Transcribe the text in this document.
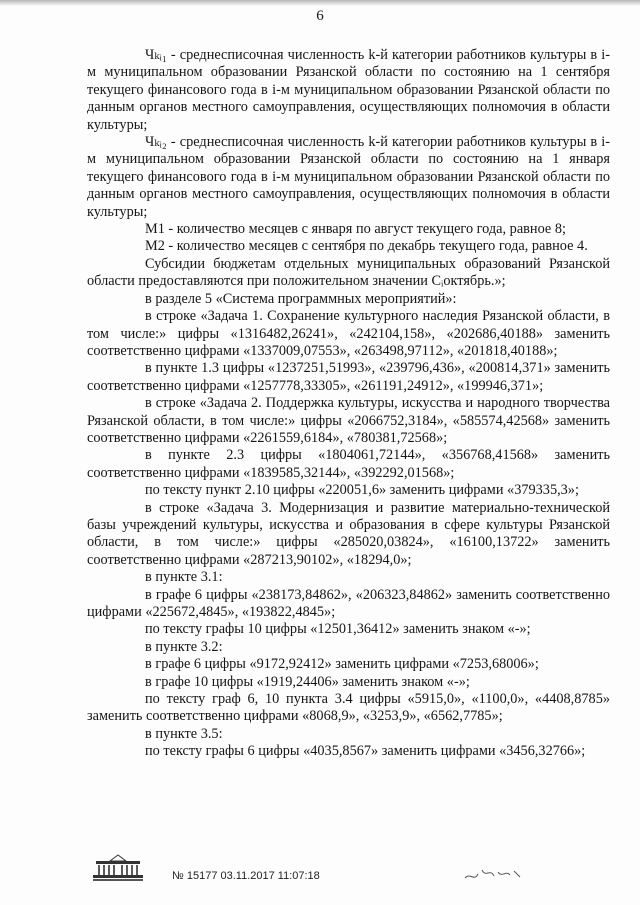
6

Чₖᵢ₁ - среднесписочная численность k-й категории работников культуры в i-м муниципальном образовании Рязанской области по состоянию на 1 сентября текущего финансового года в i-м муниципальном образовании Рязанской области по данным органов местного самоуправления, осуществляющих полномочия в области культуры;

Чₖᵢ₂ - среднесписочная численность k-й категории работников культуры в i-м муниципальном образовании Рязанской области по состоянию на 1 января текущего финансового года в i-м муниципальном образовании Рязанской области по данным органов местного самоуправления, осуществляющих полномочия в области культуры;

М1 - количество месяцев с января по август текущего года, равное 8;

М2 - количество месяцев с сентября по декабрь текущего года, равное 4.

Субсидии бюджетам отдельных муниципальных образований Рязанской области предоставляются при положительном значении Cᵢоктябрь.»;

в разделе 5 «Система программных мероприятий»:

в строке «Задача 1. Сохранение культурного наследия Рязанской области, в том числе:» цифры «1316482,26241», «242104,158», «202686,40188» заменить соответственно цифрами «1337009,07553», «263498,97112», «201818,40188»;

в пункте 1.3 цифры «1237251,51993», «239796,436», «200814,371» заменить соответственно цифрами «1257778,33305», «261191,24912», «199946,371»;

в строке «Задача 2. Поддержка культуры, искусства и народного творчества Рязанской области, в том числе:» цифры «2066752,3184», «585574,42568» заменить соответственно цифрами «2261559,6184», «780381,72568»;

в пункте 2.3 цифры «1804061,72144», «356768,41568» заменить соответственно цифрами «1839585,32144», «392292,01568»;

по тексту пункт 2.10 цифры «220051,6» заменить цифрами «379335,3»;

в строке «Задача 3. Модернизация и развитие материально-технической базы учреждений культуры, искусства и образования в сфере культуры Рязанской области, в том числе:» цифры «285020,03824», «16100,13722» заменить соответственно цифрами «287213,90102», «18294,0»;

в пункте 3.1:

в графе 6 цифры «238173,84862», «206323,84862» заменить соответственно цифрами «225672,4845», «193822,4845»;

по тексту графы 10 цифры «12501,36412» заменить знаком «-»;

в пункте 3.2:

в графе 6 цифры «9172,92412» заменить цифрами «7253,68006»;

в графе 10 цифры «1919,24406» заменить знаком «-»;

по тексту граф 6, 10 пункта 3.4 цифры «5915,0», «1100,0», «4408,8785» заменить соответственно цифрами «8068,9», «3253,9», «6562,7785»;

в пункте 3.5:

по тексту графы 6 цифры «4035,8567» заменить цифрами «3456,32766»;

№ 15177 03.11.2017 11:07:18
